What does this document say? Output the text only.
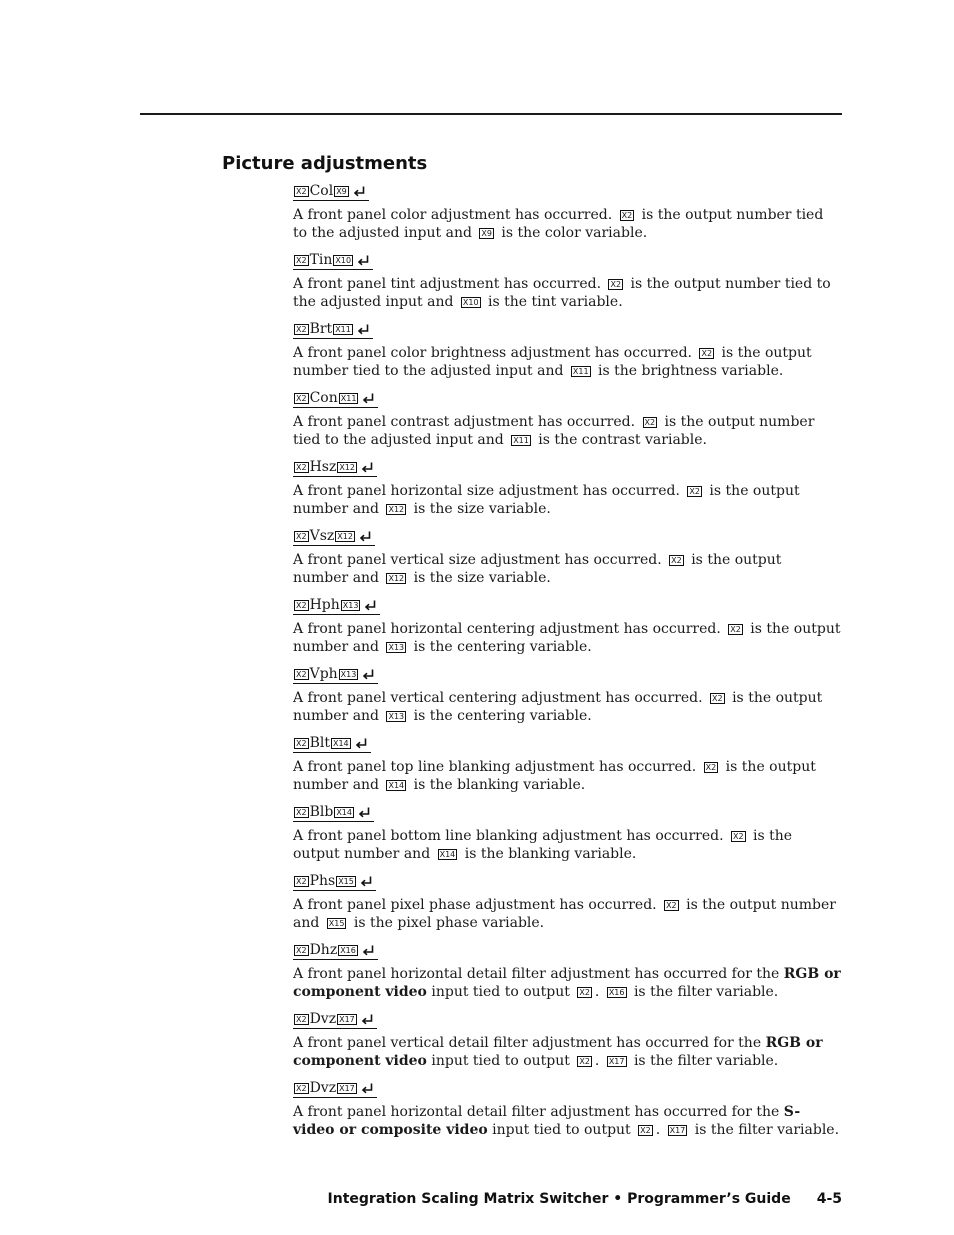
Picture adjustments
X2 Col X9

A front panel color adjustment has occurred. X2 is the output number tied to the adjusted input and X9 is the color variable.

X2 Tin X10

A front panel tint adjustment has occurred. X2 is the output number tied to the adjusted input and X10 is the tint variable.

X2 Brt X11

A front panel color brightness adjustment has occurred. X2 is the output number tied to the adjusted input and X11 is the brightness variable.

X2 Con X11

A front panel contrast adjustment has occurred. X2 is the output number tied to the adjusted input and X11 is the contrast variable.

X2 Hsz X12

A front panel horizontal size adjustment has occurred. X2 is the output number and X12 is the size variable.

X2 Vsz X12

A front panel vertical size adjustment has occurred. X2 is the output number and X12 is the size variable.

X2 Hph X13

A front panel horizontal centering adjustment has occurred. X2 is the output number and X13 is the centering variable.

X2 Vph X13

A front panel vertical centering adjustment has occurred. X2 is the output number and X13 is the centering variable.

X2 Blt X14

A front panel top line blanking adjustment has occurred. X2 is the output number and X14 is the blanking variable.

X2 Blb X14

A front panel bottom line blanking adjustment has occurred. X2 is the output number and X14 is the blanking variable.

X2 Phs X15

A front panel pixel phase adjustment has occurred. X2 is the output number and X15 is the pixel phase variable.

X2 Dhz X16

A front panel horizontal detail filter adjustment has occurred for the RGB or component video input tied to output X2 . X16 is the filter variable.

X2 Dvz X17

A front panel vertical detail filter adjustment has occurred for the RGB or component video input tied to output X2 . X17 is the filter variable.

X2 Dvz X17

A front panel horizontal detail filter adjustment has occurred for the S-video or composite video input tied to output X2 . X17 is the filter variable.

Integration Scaling Matrix Switcher • Programmer’s Guide 4-5
